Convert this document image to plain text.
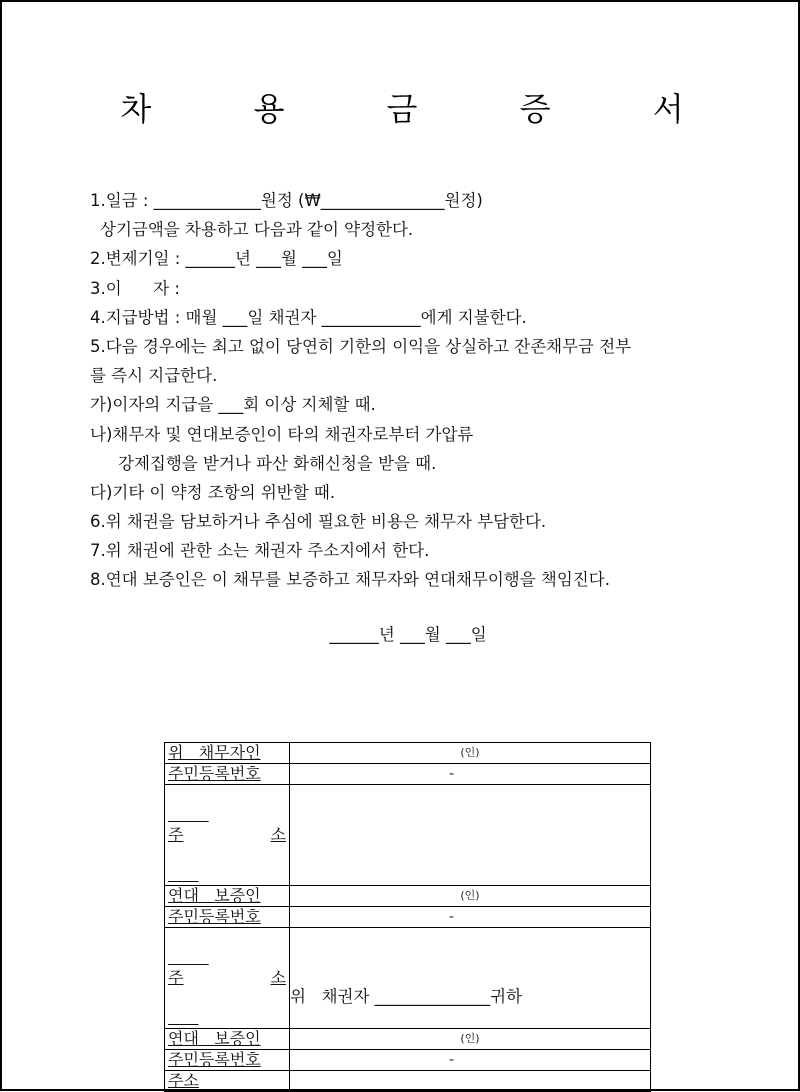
차 용 금 증 서
1.일금 : _____________원정 (₩_______________원정)
상기금액을 차용하고 다음과 같이 약정한다.
2.변제기일 : ______년 ___월 ___일
3.이      자 :
4.지급방법 : 매월 ___일 채권자 ____________에게 지불한다.
5.다음 경우에는 최고 없이 당연히 기한의 이익을 상실하고 잔존채무금 전부
를 즉시 지급한다.
가)이자의 지급을 ___회 이상 지체할 때.
나)채무자 및 연대보증인이 타의 채권자로부터 가압류
강제집행을 받거나 파산 화해신청을 받을 때.
다)기타 이 약정 조항의 위반할 때.
6.위 채권을 담보하거나 추심에 필요한 비용은 채무자 부담한다.
7.위 채권에 관한 소는 채권자 주소지에서 한다.
8.연대 보증인은 이 채무를 보증하고 채무자와 연대채무이행을 책임진다.
______년 ___월 ___일
위   채무자인	(인)
주민등록번호	-

주 소	

연대   보증인	(인)
주민등록번호	-

주 소	

연대   보증인	(인)
주민등록번호	-
주소	
위   채권자 ______________귀하
